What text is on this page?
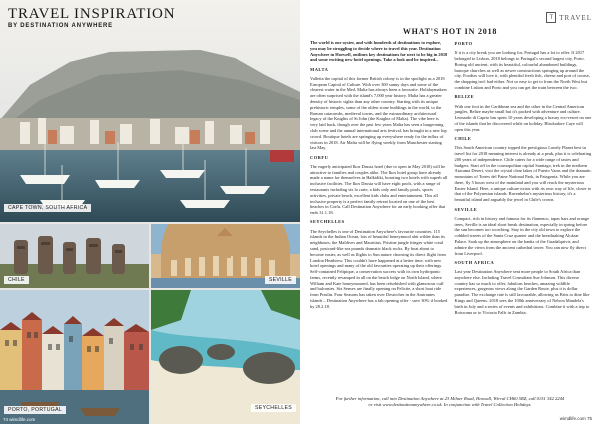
CAPE TOWN, SOUTH AFRICA
TRAVEL INSPIRATION
BY DESTINATION ANYWHERE
CHILE	SEVILLE
PORTO, PORTUGAL	SEYCHELLES
74 wimdlife.com
T TRAVEL
WHAT'S HOT IN 2018

The world is our oyster, and with hundreds of destinations to explore, you may be struggling to decide where to travel this year. Destination Anywhere in Hoewell, outlines key destinations for next to be big in 2018 and some exciting new hotel openings. Take a look and be inspired...

MALTA

Valletta the capital of this former British colony is in the spotlight as a 2018 European Capital of Culture. With over 300 sunny days and some of the clearest water in the Med, Malta has always been a favourite. Holidaymakers are often surprised with the island's 7,000 year history. Malta has a greater density of historic sights than any other country. Starting with its unique prehistoric temples, some of the oldest stone buildings in the world, to the Roman catacombs, medieval towns, and the extraordinary architectural legacy of the Knights of St John (the Knights of Malta). The vibe here is very laid back, though over the past few years Malta has seen a burgeoning club scene and the annual international arts festival, has brought in a new hip crowd. Boutique hotels are springing up everywhere ready for the influx of visitors in 2018. Air Malta will be flying weekly from Manchester starting last May.

CORFU

The eagerly anticipated Ikos Dassia hotel (due to open in May 2018) will be attractive to families and couples alike. The Ikos hotel group have already made a name for themselves in Halkidiki, boasting two hotels with superb all inclusive facilities. The Ikos Dassia will have eight pools, with a range of restaurants including six la carte, a kids only and family pools, sports activities, private beach, excellent kids clubs and entertainment. This all inclusive property is a perfect family retreat located on one of the best beaches in Corfu. Call Destination Anywhere for an early booking offer that ends 31.1.18.

SEYCHELLES

The Seychelles is one of Destination Anywhere's favourite countries. 115 islands in the Indian Ocean, lots of beautiful honeymood abit wilder than its neighbours, the Maldives and Mauritius. Pristine jungle fringes white coral sand, postcard-like sea pounds dramatic black rocks. By boat about to become easier, as well as flights to Sun nature choosing its direct flight from London Heathrow. This couldn't have happened at a better time, with new hotel openings and many of the old favourites operating up their offerings. Self-contained Felipique, a conservation success with its own hydroponic farms, recently revamped in all on the beach lodge on North Island, where William and Kate honeymooned, has been refurbished with glamorous cuff and balconies. Six Senses are finally opening on Felicite, a short boat ride from Praslin. Four Seasons has taken over Desroches in the Amirantes islands – Destination Anywhere has a fab opening offer - save 30% if booked by 28.2.18.

PORTO

If it is a city break you are looking for, Portugal has a lot to offer. If 2017 belonged to Lisbon, 2018 belongs to Portugal's second largest city, Porto. Boring old ancient, with its beautiful, colourful abandoned buildings, baroque churches as well as newer constructions springing up around the city. Foodies will love it, with plentiful fresh fish, cheese and port of course, the shopping isn't bad either. Not so easy to get to from the North West but combine Lisbon and Porto and you can get the train between the two.

BELIZE

With one foot in the Caribbean sea and the other in the Central American jungles, Belize maybe small but it's packed with adventure and culture. Leonardo di Caprio has spent 10 years developing a luxury eco-resort on one of the islands that he discovered while on holiday. Blackadore Caye will open this year.

CHILE

This South American country topped the prestigious Lonely Planet best in travel list for 2018 meaning interest is already at a peak, plus it is celebrating 200 years of independence. Chile caters for a wide range of tastes and budgets. Start off in the cosmopolitan capital Santiago, trek in the northern Atacama Desert, visit the crystal clear lakes of Puerto Varas and the dramatic mountains of Torres del Paine National Park, in Patagonia. While you are there, fly 5 hours west of the mainland and you will reach the mysterious Easter Island. Here, a unique culture exists with its own way of life, closer to that of the Polynesian islands. Ravenhelm's mysterious history, it's a beautiful island and arguably the jewel in Chile's crown.

SEVILLE

Compact, rich in history and famous for its flamenco, tapas bars and orange trees, Seville is an ideal short break destination, especially in spring before the sun becomes too scorching. Stay in the city old town to explore the cobbled streets of the Santa Cruz quarter and the breathtaking Alcázar Palace. Soak up the atmosphere on the banks of the Guadalquivir, and admire the views from the ancient cathedral tower. You can now fly direct from Liverpool.

SOUTH AFRICA

Last year Destination Anywhere sent more people to South Africa than anywhere else. Including Travel Consultant Sue Johnson. This diverse country has so much to offer, fabulous beaches, amazing wildlife experiences, gorgeous views along the Garden Route, plus it is dollar paradise. The exchange rate is still favourable, allowing us Brits to dine like Kings and Queens. 2018 sees the 100th anniversary of Nelson Mandela's birth in July and a series of events and exhibitions. Combine it with a trip to Botswana or to Victoria Falls in Zambia.

For further information, call into Destination Anywhere at 23 Milner Road, Heswall, Wirral CH60 5RZ, call 0151 342 2244
or visit www.destinationanywhere.co.uk. In conjunction with Travel Collection Holidays.
wimdlife.com 75
